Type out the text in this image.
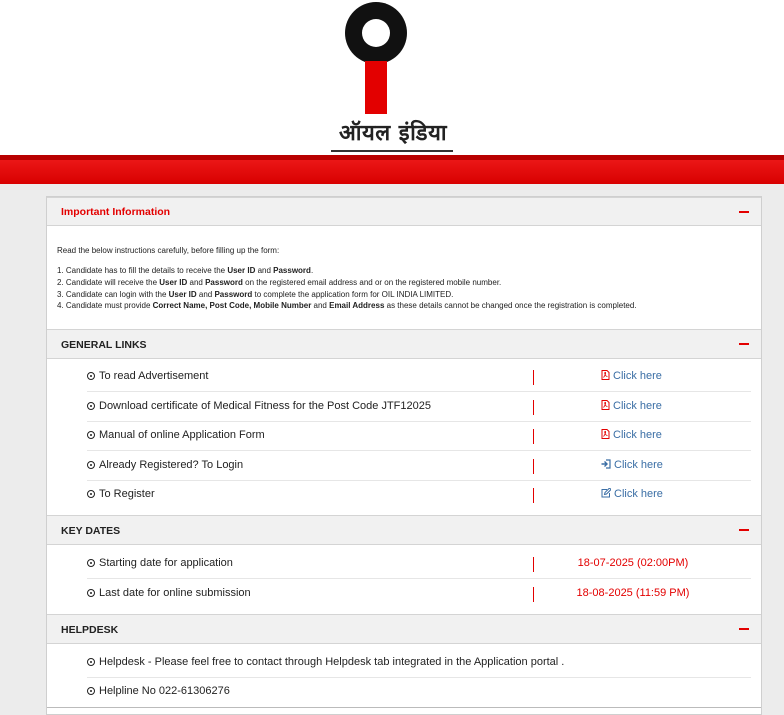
ऑयल इंडिया
Important Information
Read the below instructions carefully, before filling up the form:
1. Candidate has to fill the details to receive the User ID and Password.
2. Candidate will receive the User ID and Password on the registered email address and or on the registered mobile number.
3. Candidate can login with the User ID and Password to complete the application form for OIL INDIA LIMITED.
4. Candidate must provide Correct Name, Post Code, Mobile Number and Email Address as these details cannot be changed once the registration is completed.
GENERAL LINKS
To read Advertisement	Click here
Download certificate of Medical Fitness for the Post Code JTF12025	Click here
Manual of online Application Form	Click here
Already Registered? To Login	Click here
To Register	Click here
KEY DATES
Starting date for application	18-07-2025 (02:00PM)
Last date for online submission	18-08-2025 (11:59 PM)
HELPDESK
Helpdesk - Please feel free to contact through Helpdesk tab integrated in the Application portal .
Helpline No 022-61306276
